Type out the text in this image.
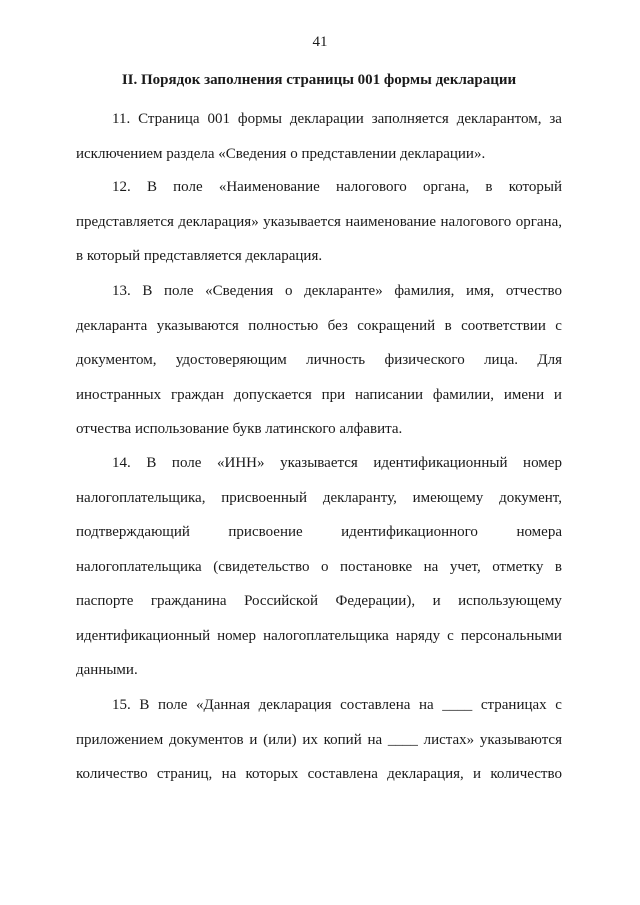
41
II. Порядок заполнения страницы 001 формы декларации
11. Страница 001 формы декларации заполняется декларантом, за
исключением раздела «Сведения о представлении декларации».
12. В поле «Наименование налогового органа, в который
представляется декларация» указывается наименование налогового органа,
в который представляется декларация.
13. В поле «Сведения о декларанте» фамилия, имя, отчество
декларанта указываются полностью без сокращений в соответствии с
документом, удостоверяющим личность физического лица. Для
иностранных граждан допускается при написании фамилии, имени и
отчества использование букв латинского алфавита.
14. В поле «ИНН» указывается идентификационный номер
налогоплательщика, присвоенный декларанту, имеющему документ,
подтверждающий	присвоение	идентификационного	номера
налогоплательщика (свидетельство о постановке на учет, отметку в
паспорте гражданина Российской Федерации), и использующему
идентификационный номер налогоплательщика наряду с персональными
данными.
15. В поле «Данная декларация составлена на ____ страницах с
приложением документов и (или) их копий на ____ листах» указываются
количество страниц, на которых составлена декларация, и количество
